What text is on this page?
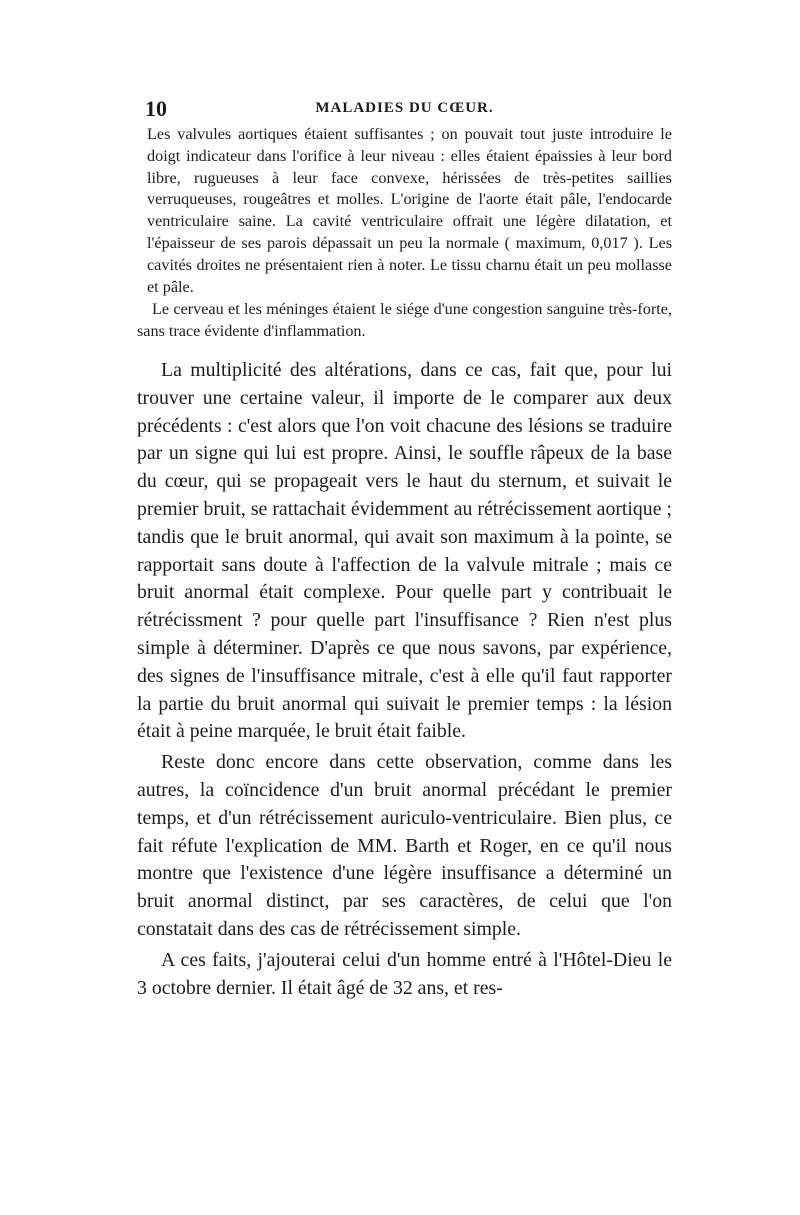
10	MALADIES DU CŒUR.

Les valvules aortiques étaient suffisantes ; on pouvait tout juste introduire le doigt indicateur dans l'orifice à leur niveau : elles étaient épaissies à leur bord libre, rugueuses à leur face convexe, hérissées de très-petites saillies verruqueuses, rougeâtres et molles. L'origine de l'aorte était pâle, l'endocarde ventriculaire saine. La cavité ventriculaire offrait une légère dilatation, et l'épaisseur de ses parois dépassait un peu la normale ( maximum, 0,017 ). Les cavités droites ne présentaient rien à noter. Le tissu charnu était un peu mollasse et pâle.

Le cerveau et les méninges étaient le siége d'une congestion sanguine très-forte, sans trace évidente d'inflammation.

La multiplicité des altérations, dans ce cas, fait que, pour lui trouver une certaine valeur, il importe de le comparer aux deux précédents : c'est alors que l'on voit chacune des lésions se traduire par un signe qui lui est propre. Ainsi, le souffle râpeux de la base du cœur, qui se propageait vers le haut du sternum, et suivait le premier bruit, se rattachait évidemment au rétrécissement aortique ; tandis que le bruit anormal, qui avait son maximum à la pointe, se rapportait sans doute à l'affection de la valvule mitrale ; mais ce bruit anormal était complexe. Pour quelle part y contribuait le rétrécissment ? pour quelle part l'insuffisance ? Rien n'est plus simple à déterminer. D'après ce que nous savons, par expérience, des signes de l'insuffisance mitrale, c'est à elle qu'il faut rapporter la partie du bruit anormal qui suivait le premier temps : la lésion était à peine marquée, le bruit était faible.

Reste donc encore dans cette observation, comme dans les autres, la coïncidence d'un bruit anormal précédant le premier temps, et d'un rétrécissement auriculo-ventriculaire. Bien plus, ce fait réfute l'explication de MM. Barth et Roger, en ce qu'il nous montre que l'existence d'une légère insuffisance a déterminé un bruit anormal distinct, par ses caractères, de celui que l'on constatait dans des cas de rétrécissement simple.

A ces faits, j'ajouterai celui d'un homme entré à l'Hôtel-Dieu le 3 octobre dernier. Il était âgé de 32 ans, et res-
